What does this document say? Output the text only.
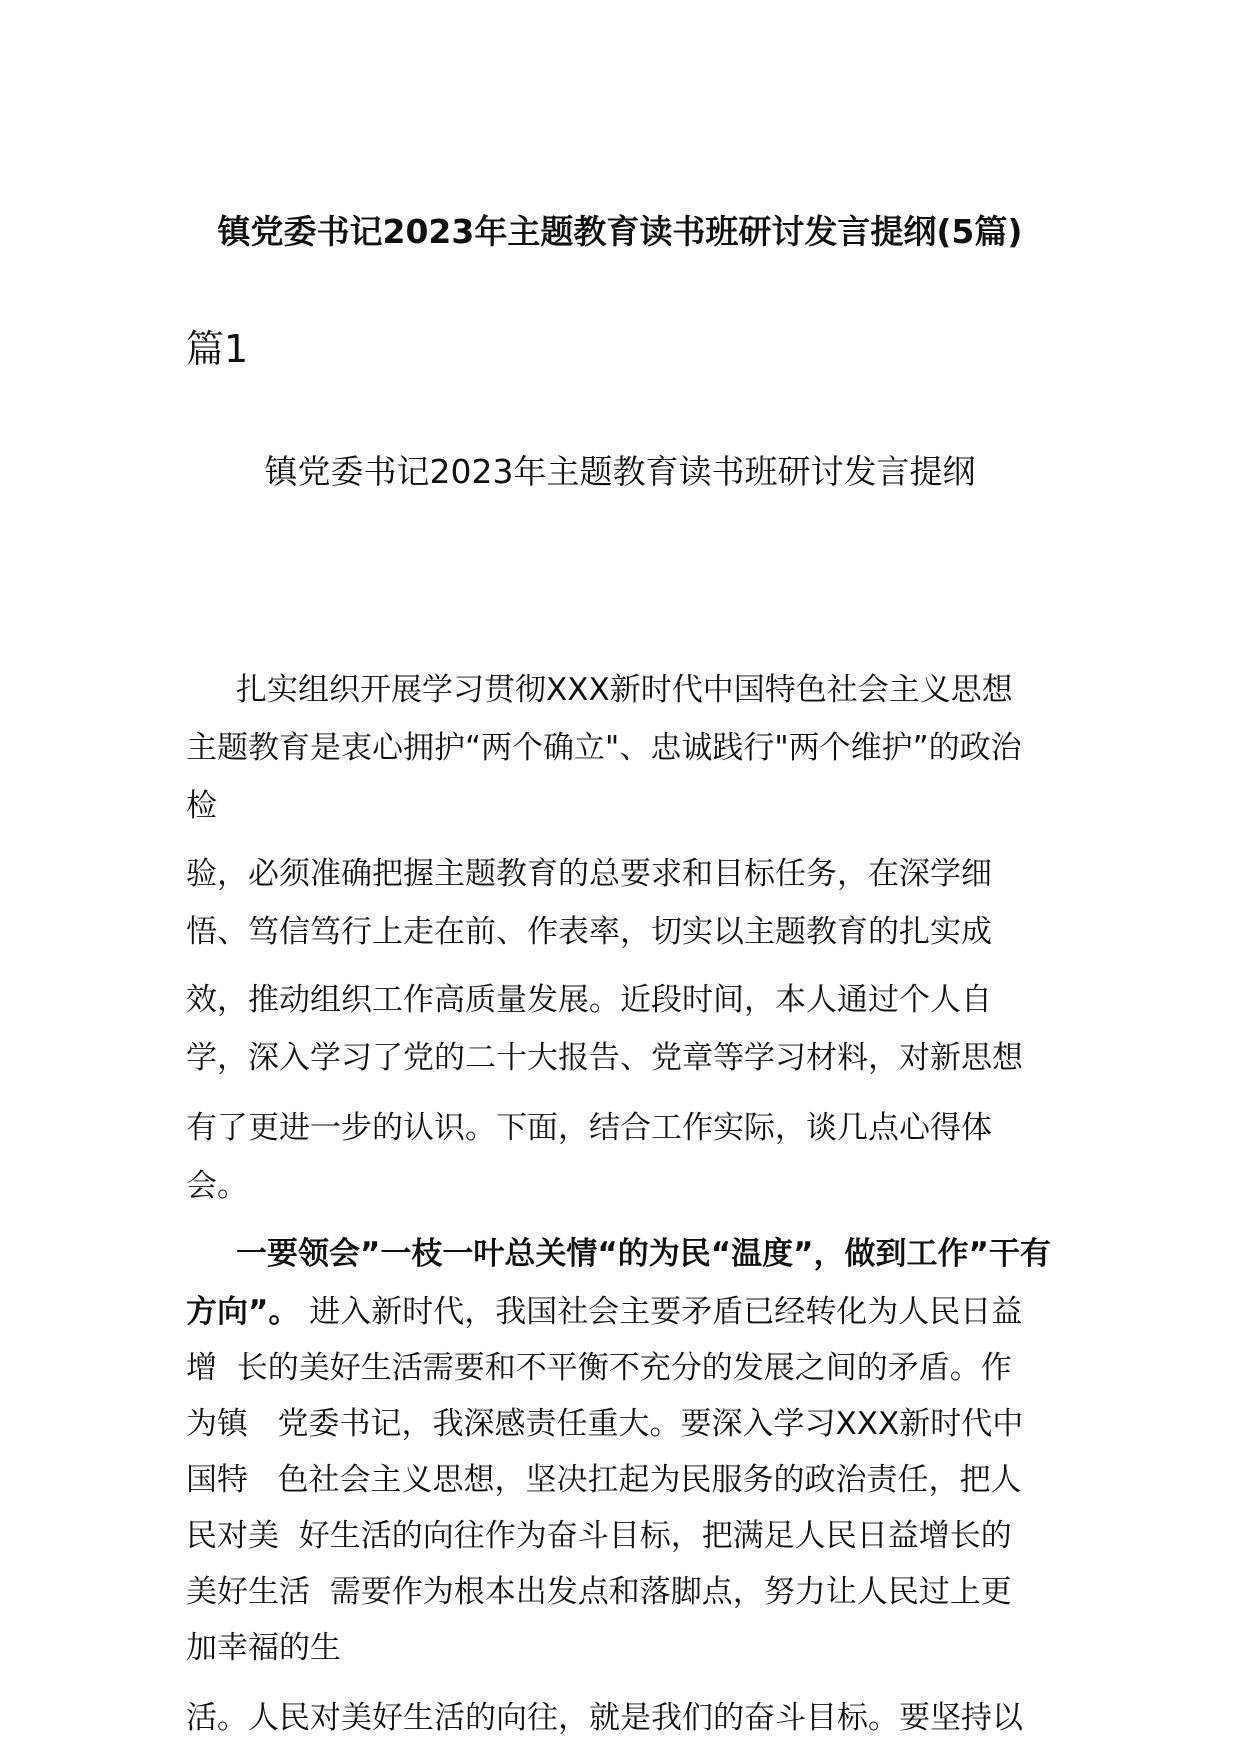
镇党委书记2023年主题教育读书班研讨发言提纲(5篇)
篇1
镇党委书记2023年主题教育读书班研讨发言提纲
扎实组织开展学习贯彻XXX新时代中国特色社会主义思想
主题教育是衷心拥护“两个确立"、忠诚践行"两个维护”的政治
检
验，必须准确把握主题教育的总要求和目标任务，在深学细
悟、笃信笃行上走在前、作表率，切实以主题教育的扎实成
效，推动组织工作高质量发展。近段时间，本人通过个人自
学，深入学习了党的二十大报告、党章等学习材料，对新思想
有了更进一步的认识。下面，结合工作实际，谈几点心得体
会。
一要领会”一枝一叶总关情“的为民“温度”，做到工作”干有
方向”。 进入新时代，我国社会主要矛盾已经转化为人民日益
增  长的美好生活需要和不平衡不充分的发展之间的矛盾。作
为镇   党委书记，我深感责任重大。要深入学习XXX新时代中
国特   色社会主义思想，坚决扛起为民服务的政治责任，把人
民对美  好生活的向往作为奋斗目标，把满足人民日益增长的
美好生活  需要作为根本出发点和落脚点，努力让人民过上更
加幸福的生
活。人民对美好生活的向往，就是我们的奋斗目标。要坚持以
